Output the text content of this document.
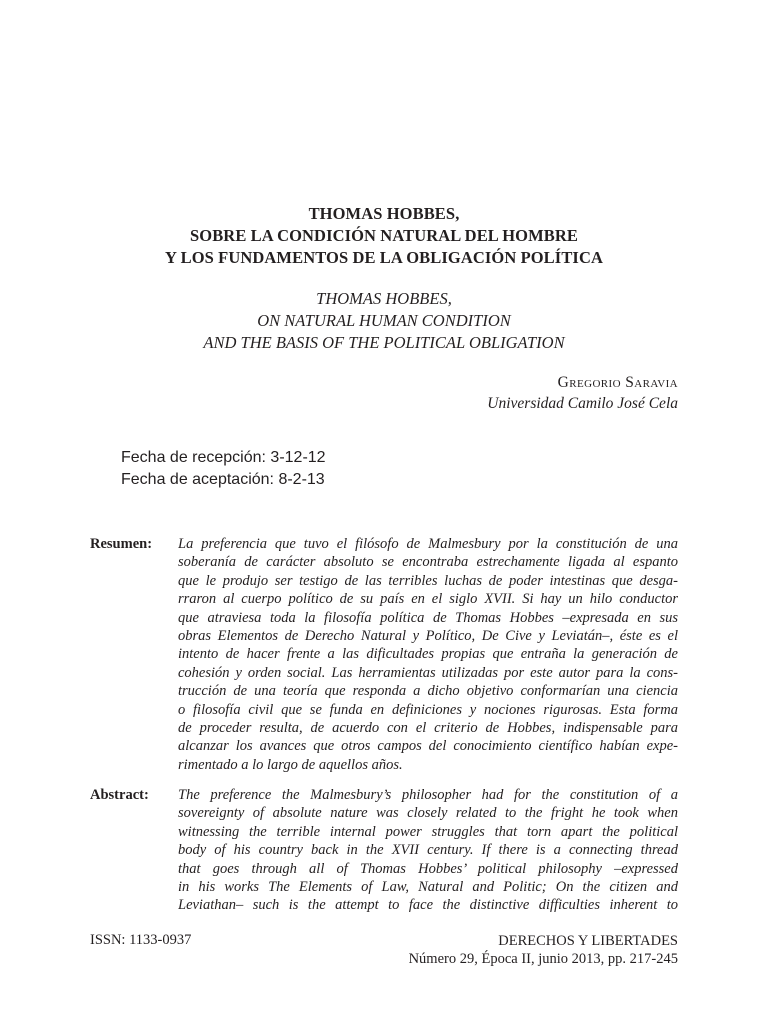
THOMAS HOBBES,
SOBRE LA CONDICIÓN NATURAL DEL HOMBRE
Y LOS FUNDAMENTOS DE LA OBLIGACIÓN POLÍTICA
THOMAS HOBBES,
ON NATURAL HUMAN CONDITION
AND THE BASIS OF THE POLITICAL OBLIGATION
Gregorio Saravia
Universidad Camilo José Cela
Fecha de recepción: 3-12-12
Fecha de aceptación: 8-2-13
Resumen: La preferencia que tuvo el filósofo de Malmesbury por la constitución de una
soberanía de carácter absoluto se encontraba estrechamente ligada al espanto
que le produjo ser testigo de las terribles luchas de poder intestinas que desga-
rraron al cuerpo político de su país en el siglo XVII. Si hay un hilo conductor
que atraviesa toda la filosofía política de Thomas Hobbes –expresada en sus
obras Elementos de Derecho Natural y Político, De Cive y Leviatán–, éste es el
intento de hacer frente a las dificultades propias que entraña la generación de
cohesión y orden social. Las herramientas utilizadas por este autor para la cons-
trucción de una teoría que responda a dicho objetivo conformarían una ciencia
o filosofía civil que se funda en definiciones y nociones rigurosas. Esta forma
de proceder resulta, de acuerdo con el criterio de Hobbes, indispensable para
alcanzar los avances que otros campos del conocimiento científico habían expe-
rimentado a lo largo de aquellos años.
Abstract: The preference the Malmesbury’s philosopher had for the constitution of a
sovereignty of absolute nature was closely related to the fright he took when
witnessing the terrible internal power struggles that torn apart the political
body of his country back in the XVII century. If there is a connecting thread
that goes through all of Thomas Hobbes’ political philosophy –expressed
in his works The Elements of Law, Natural and Politic; On the citizen and
Leviathan– such is the attempt to face the distinctive difficulties inherent to
ISSN: 1133-0937	DERECHOS Y LIBERTADES
Número 29, Época II, junio 2013, pp. 217-245
